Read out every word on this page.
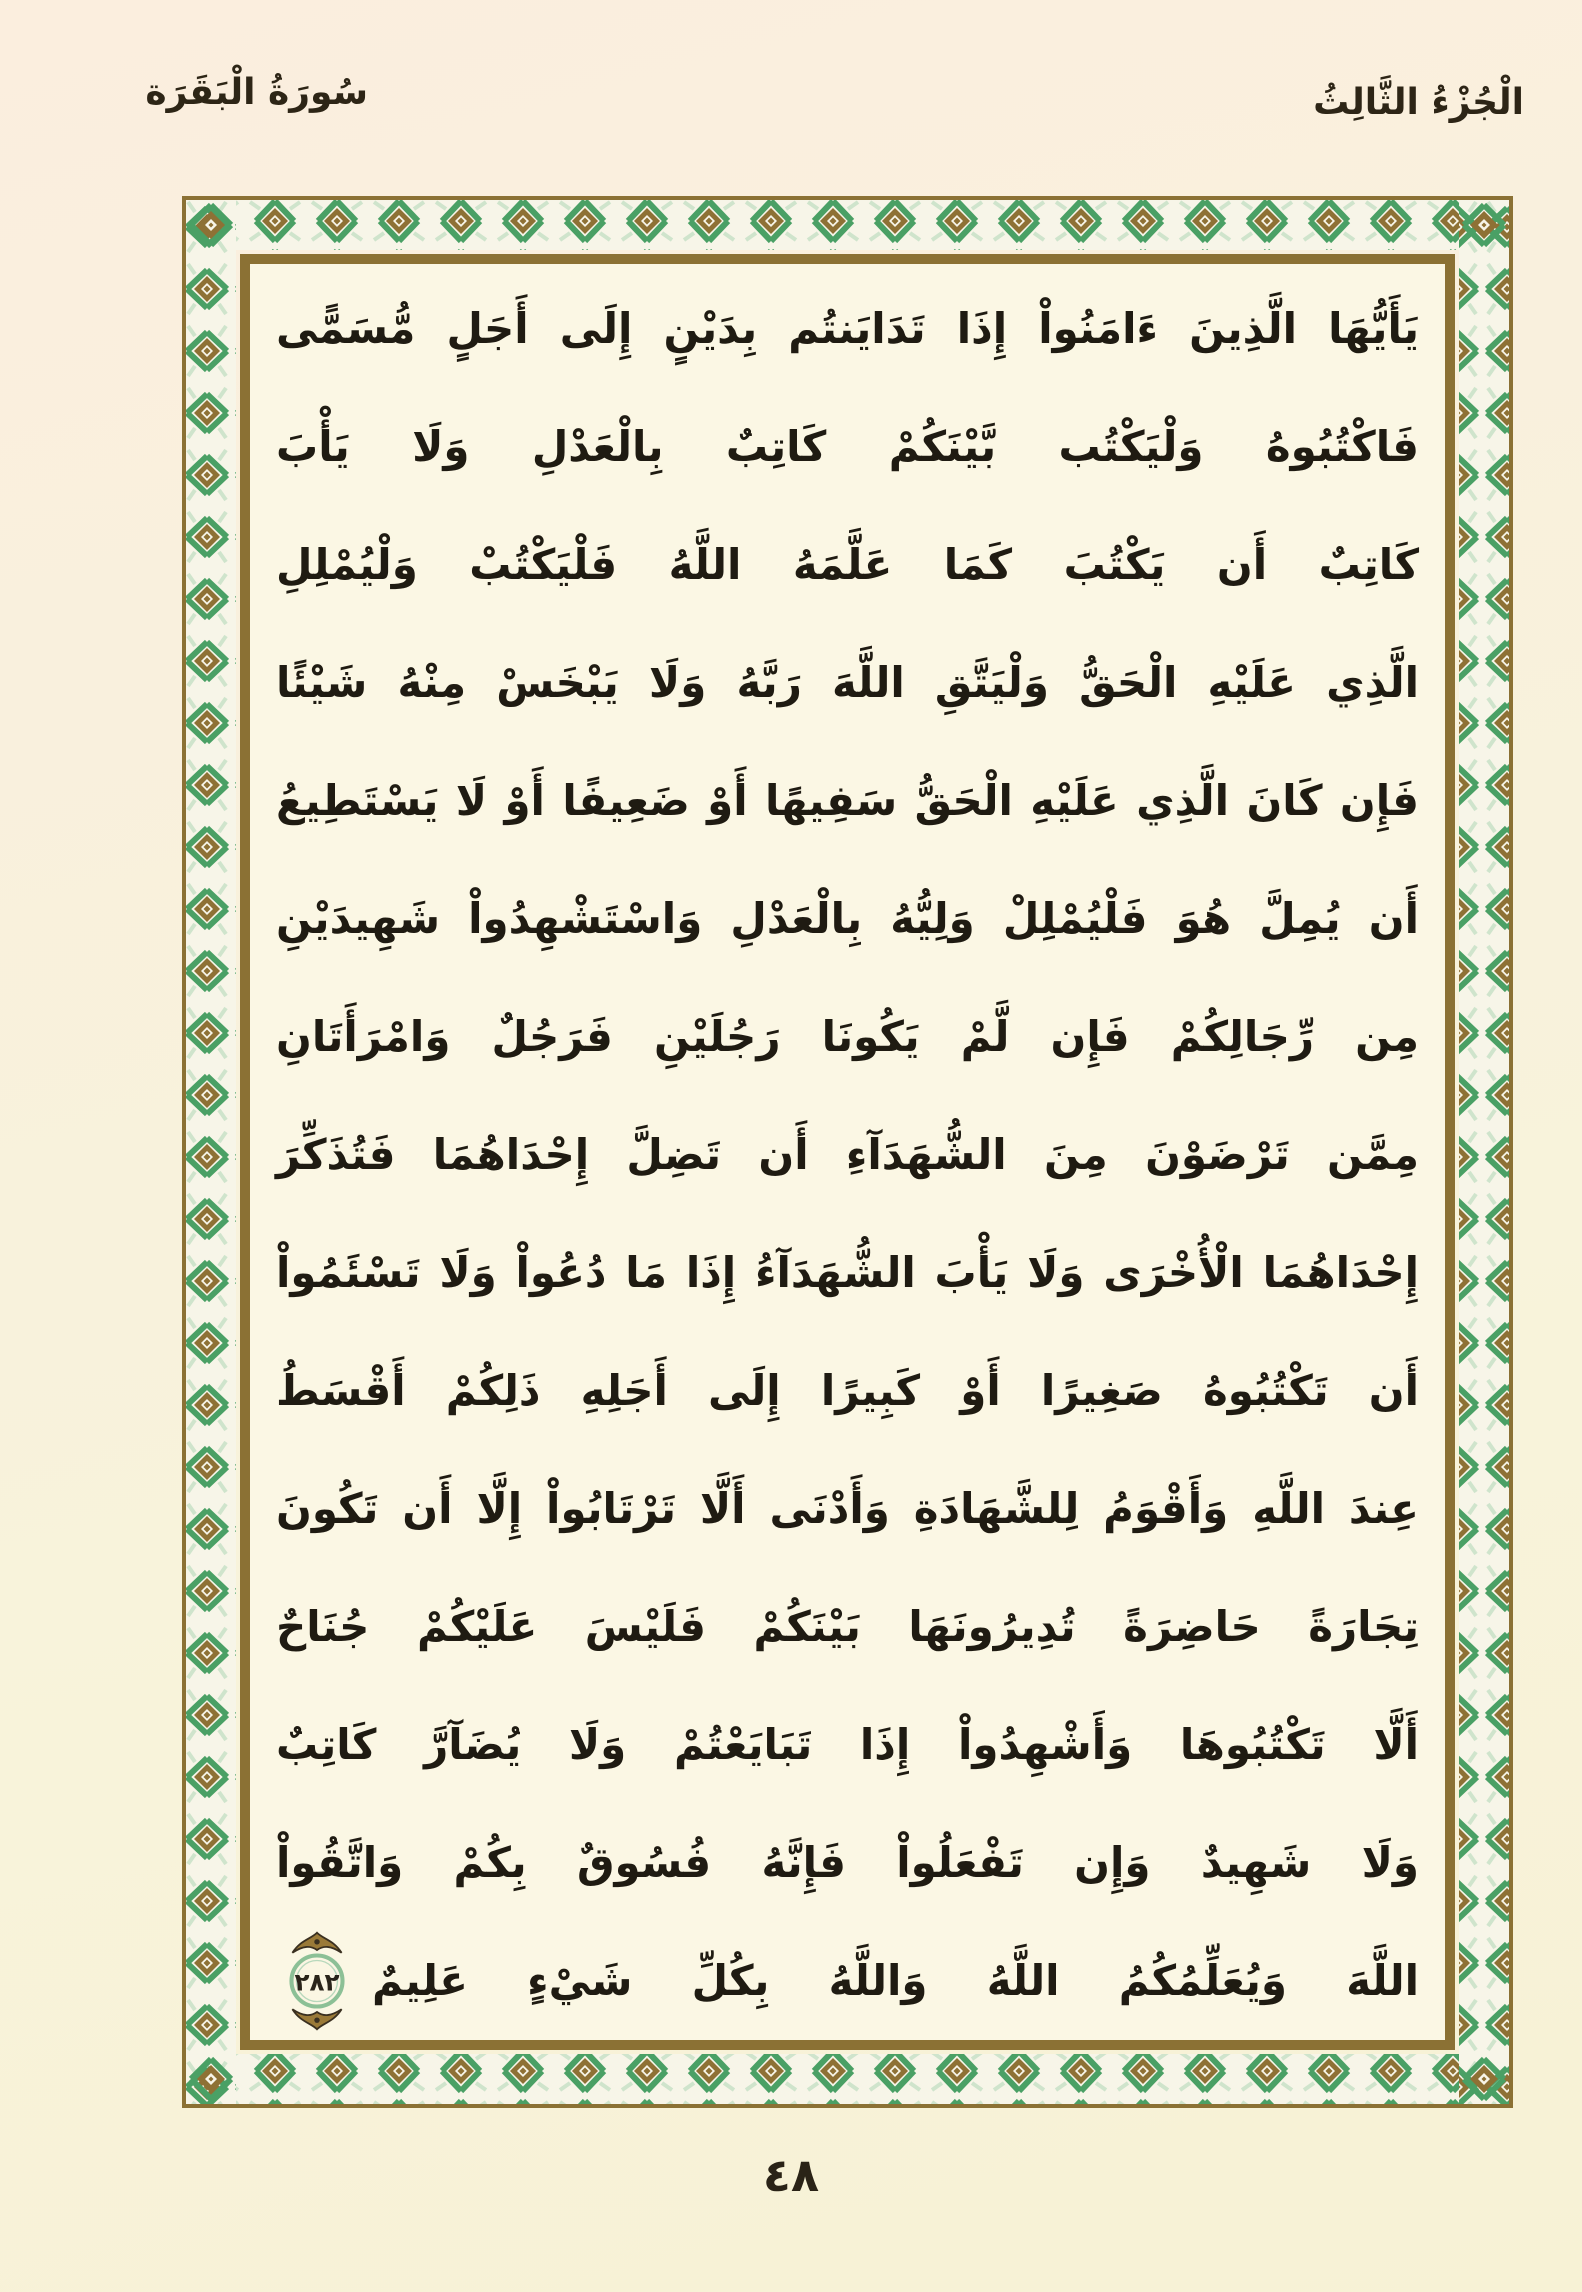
سُورَةُ الْبَقَرَة	الْجُزْءُ الثَّالِثُ
يَأَيُّهَا الَّذِينَ ءَامَنُواْ إِذَا تَدَايَنتُم بِدَيْنٍ إِلَى أَجَلٍ مُّسَمًّى
فَاكْتُبُوهُ وَلْيَكْتُب بَّيْنَكُمْ كَاتِبٌ بِالْعَدْلِ وَلَا يَأْبَ
كَاتِبٌ أَن يَكْتُبَ كَمَا عَلَّمَهُ اللَّهُ فَلْيَكْتُبْ وَلْيُمْلِلِ
الَّذِي عَلَيْهِ الْحَقُّ وَلْيَتَّقِ اللَّهَ رَبَّهُ وَلَا يَبْخَسْ مِنْهُ شَيْئًا
فَإِن كَانَ الَّذِي عَلَيْهِ الْحَقُّ سَفِيهًا أَوْ ضَعِيفًا أَوْ لَا يَسْتَطِيعُ
أَن يُمِلَّ هُوَ فَلْيُمْلِلْ وَلِيُّهُ بِالْعَدْلِ وَاسْتَشْهِدُواْ شَهِيدَيْنِ
مِن رِّجَالِكُمْ فَإِن لَّمْ يَكُونَا رَجُلَيْنِ فَرَجُلٌ وَامْرَأَتَانِ
مِمَّن تَرْضَوْنَ مِنَ الشُّهَدَآءِ أَن تَضِلَّ إِحْدَاهُمَا فَتُذَكِّرَ
إِحْدَاهُمَا الْأُخْرَى وَلَا يَأْبَ الشُّهَدَآءُ إِذَا مَا دُعُواْ وَلَا تَسْئَمُواْ
أَن تَكْتُبُوهُ صَغِيرًا أَوْ كَبِيرًا إِلَى أَجَلِهِ ذَلِكُمْ أَقْسَطُ
عِندَ اللَّهِ وَأَقْوَمُ لِلشَّهَادَةِ وَأَدْنَى أَلَّا تَرْتَابُواْ إِلَّا أَن تَكُونَ
تِجَارَةً حَاضِرَةً تُدِيرُونَهَا بَيْنَكُمْ فَلَيْسَ عَلَيْكُمْ جُنَاحٌ
أَلَّا تَكْتُبُوهَا وَأَشْهِدُواْ إِذَا تَبَايَعْتُمْ وَلَا يُضَآرَّ كَاتِبٌ
وَلَا شَهِيدٌ وَإِن تَفْعَلُواْ فَإِنَّهُ فُسُوقٌ بِكُمْ وَاتَّقُواْ
اللَّهَ وَيُعَلِّمُكُمُ اللَّهُ وَاللَّهُ بِكُلِّ شَيْءٍ عَلِيمٌ
٢٨٢
٤٨
